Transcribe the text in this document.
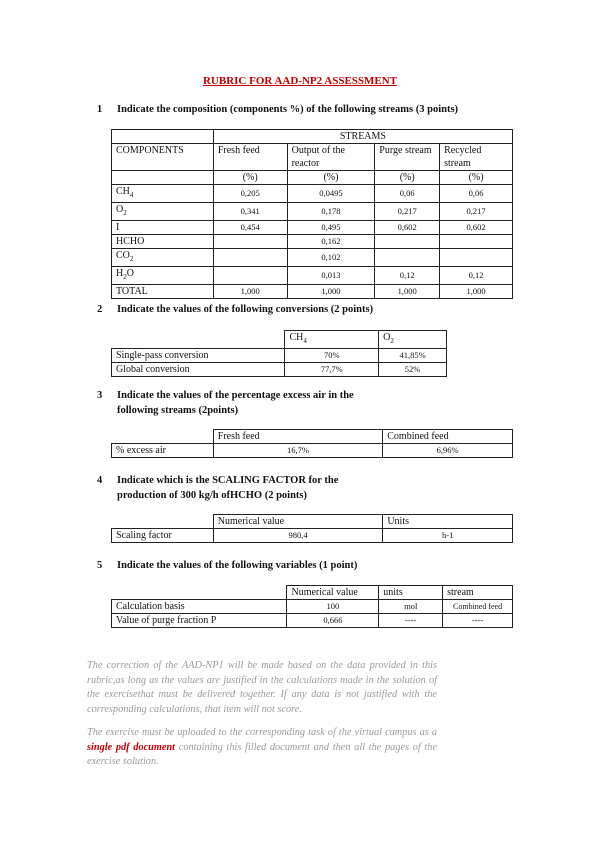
RUBRIC FOR AAD-NP2 ASSESSMENT
1 Indicate the composition (components %) of the following streams (3 points)
	STREAMS			
COMPONENTS	Fresh feed	Output of the reactor	Purge stream	Recycled stream
	(%)	(%)	(%)	(%)
$CH_4$	0,205	0,0495	0,06	0,06
$O_2$	0,341	0,178	0,217	0,217
I	0,454	0,495	0,602	0,602
HCHO		0,162		
$CO_2$		0,102		
$H_2O$		0,013	0,12	0,12
TOTAL	1,000	1,000	1,000	1,000
2 Indicate the values of the following conversions (2 points)
	$CH_4$	$O_2$
Single-pass conversion	70%	41,85%
Global conversion	77,7%	52%
3 Indicate the values of the percentage excess air in the
following streams (2points)
	Fresh feed	Combined feed
% excess air	16,7%	6,96%
4 Indicate which is the SCALING FACTOR for the
production of 300 kg/h ofHCHO (2 points)
	Numerical value	Units
Scaling factor	980,4	h-1
5 Indicate the values of the following variables (1 point)
	Numerical value	units	stream
Calculation basis	100	mol	Combined feed
Value of purge fraction P	0,666	----	----
The correction of the AAD-NP1 will be made based on the data provided in this rubric,as long as the values are justified in the calculations made in the solution of the exercisethat must be delivered together. If any data is not justified with the corresponding calculations, that item will not score.
The exercise must be uploaded to the corresponding task of the virtual campus as a single pdf document containing this filled document and then all the pages of the exercise solution.
